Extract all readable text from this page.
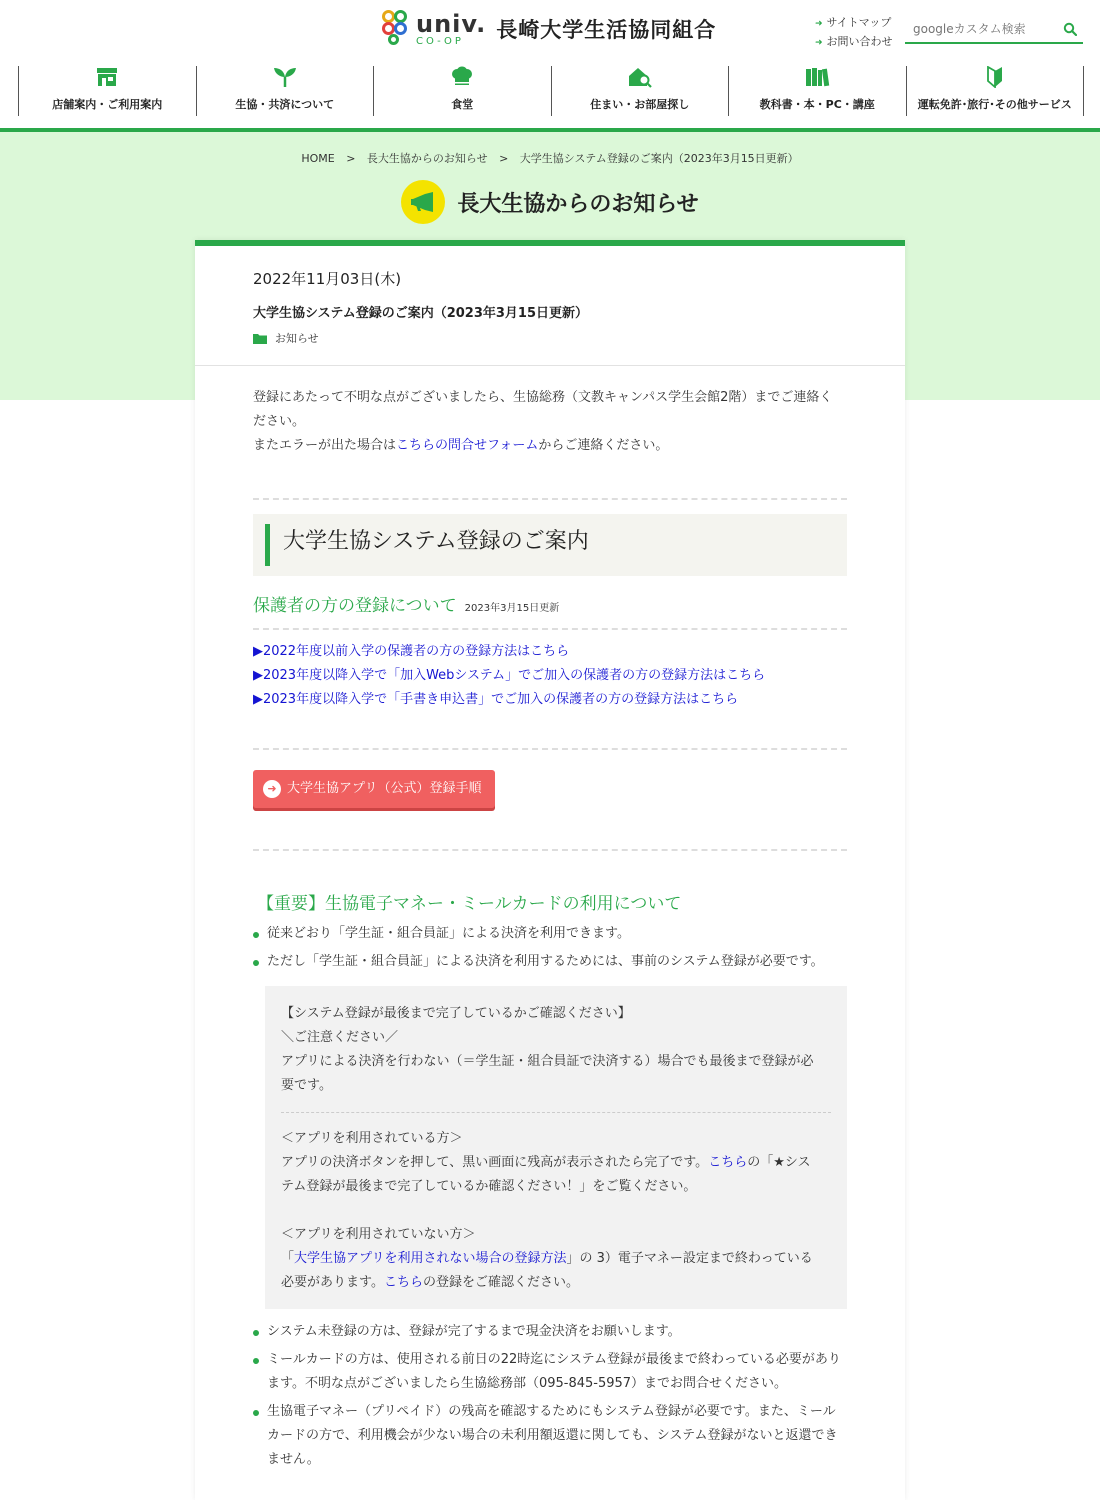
univ.
CO-OP	長崎大学生活協同組合
➜	サイトマップ
➜ お問い合わせ
googleカスタム検索
店舗案内・ご利用案内	生協・共済について	食堂	住まい・お部屋探し	教科書・本・PC・講座	運転免許･旅行･その他サービス
HOME > 長大生協からのお知らせ > 大学生協システム登録のご案内（2023年3月15日更新）
長大生協からのお知らせ
2022年11月03日(木)
大学生協システム登録のご案内（2023年3月15日更新）
お知らせ

登録にあたって不明な点がございましたら、生協総務（文教キャンパス学生会館2階）までご連絡く

ださい。

またエラーが出た場合はこちらの問合せフォームからご連絡ください。

大学生協システム登録のご案内
保護者の方の登録について 2023年3月15日更新
▶2022年度以前入学の保護者の方の登録方法はこちら
▶2023年度以降入学で「加入Webシステム」でご加入の保護者の方の登録方法はこちら
▶2023年度以降入学で「手書き申込書」でご加入の保護者の方の登録方法はこちら
➜ 大学生協アプリ（公式）登録手順
【重要】生協電子マネー・ミールカードの利用について
従来どおり「学生証・組合員証」による決済を利用できます。
ただし「学生証・組合員証」による決済を利用するためには、事前のシステム登録が必要です。

【システム登録が最後まで完了しているかご確認ください】

＼ご注意ください／

アプリによる決済を行わない（＝学生証・組合員証で決済する）場合でも最後まで登録が必

要です。

＜アプリを利用されている方＞

アプリの決済ボタンを押して、黒い画面に残高が表示されたら完了です。こちらの「★シス

テム登録が最後まで完了しているか確認ください！」をご覧ください。

＜アプリを利用されていない方＞

「大学生協アプリを利用されない場合の登録方法」の 3）電子マネー設定まで終わっている

必要があります。こちらの登録をご確認ください。

システム未登録の方は、登録が完了するまで現金決済をお願いします。
ミールカードの方は、使用される前日の22時迄にシステム登録が最後まで終わっている必要があります。不明な点がございましたら生協総務部（095-845-5957）までお問合せください。
生協電子マネー（プリペイド）の残高を確認するためにもシステム登録が必要です。また、ミールカードの方で、利用機会が少ない場合の未利用額返還に関しても、システム登録がないと返還できません。
